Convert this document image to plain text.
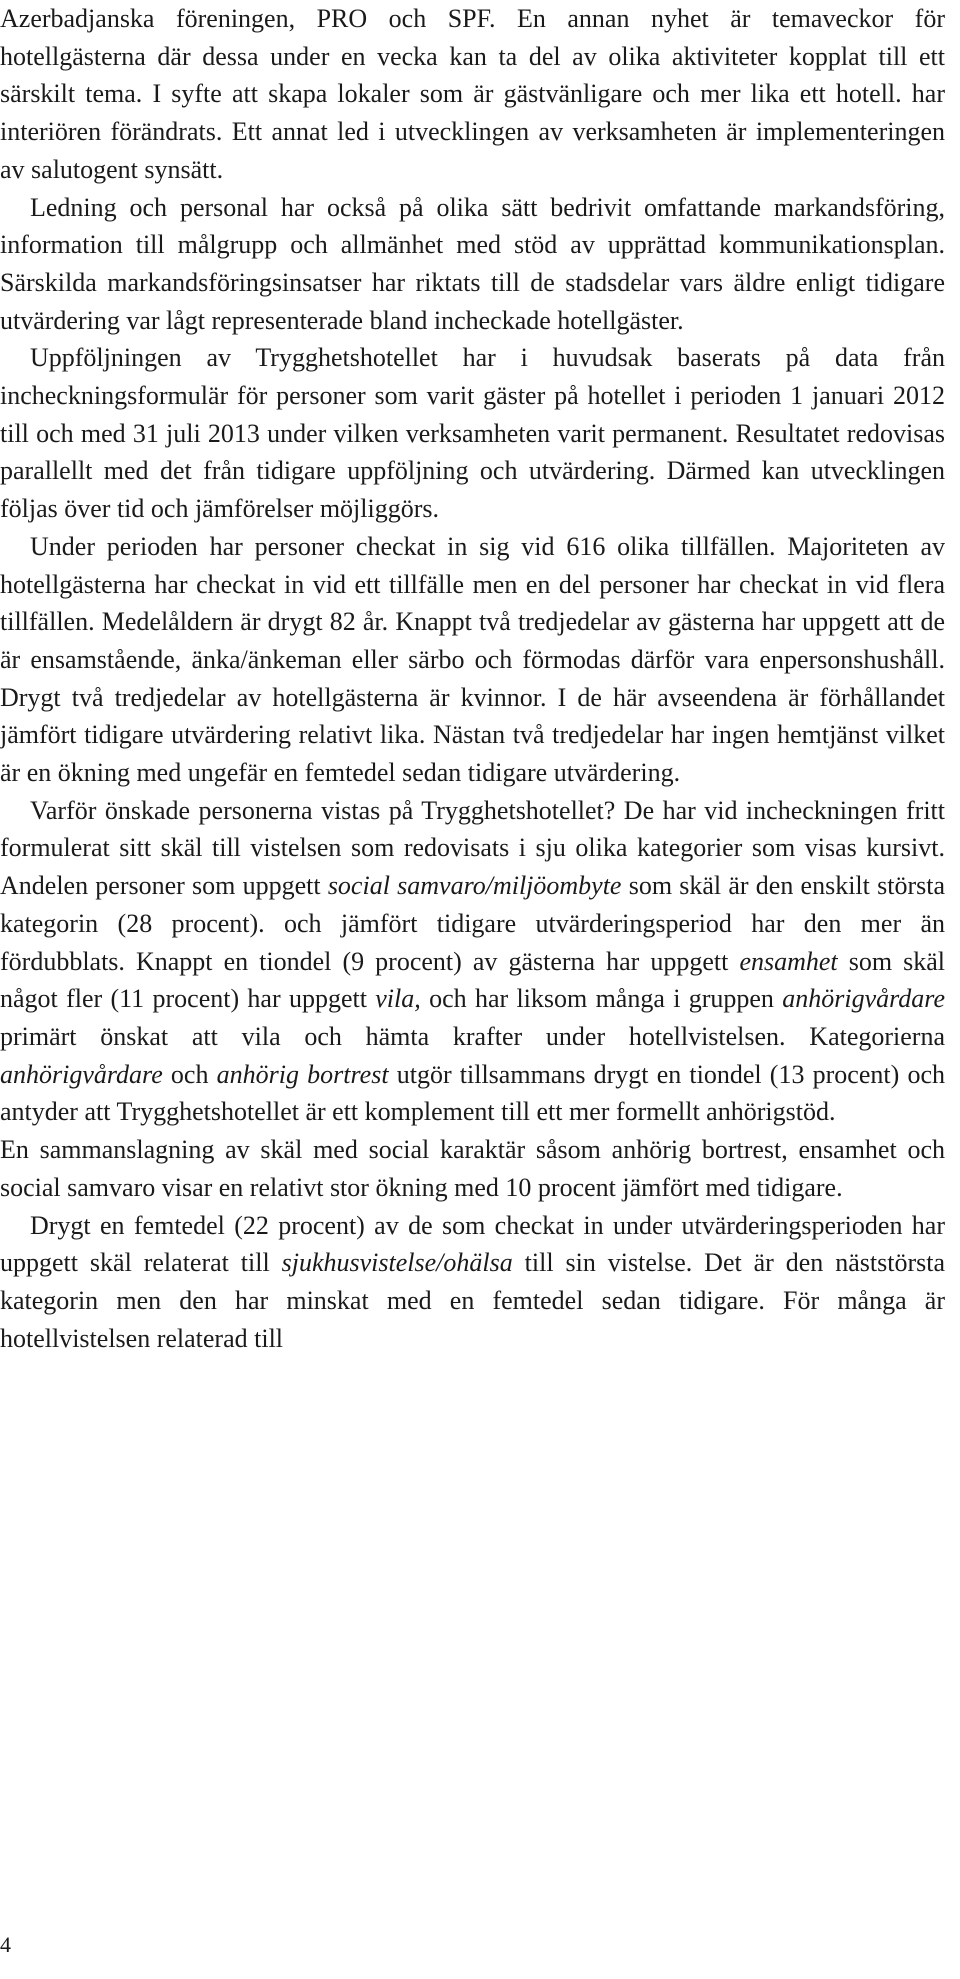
Azerbadjanska föreningen, PRO och SPF. En annan nyhet är temaveckor för hotellgästerna där dessa under en vecka kan ta del av olika aktiviteter kopplat till ett särskilt tema. I syfte att skapa lokaler som är gästvänligare och mer lika ett hotell. har interiören förändrats. Ett annat led i utvecklingen av verksamheten är implementeringen av salutogent synsätt.

Ledning och personal har också på olika sätt bedrivit omfattande markandsföring, information till målgrupp och allmänhet med stöd av upprättad kommunikationsplan. Särskilda markandsföringsinsatser har riktats till de stadsdelar vars äldre enligt tidigare utvärdering var lågt representerade bland incheckade hotellgäster.

Uppföljningen av Trygghetshotellet har i huvudsak baserats på data från incheckningsformulär för personer som varit gäster på hotellet i perioden 1 januari 2012 till och med 31 juli 2013 under vilken verksamheten varit permanent. Resultatet redovisas parallellt med det från tidigare uppföljning och utvärdering. Därmed kan utvecklingen följas över tid och jämförelser möjliggörs.

Under perioden har personer checkat in sig vid 616 olika tillfällen. Majoriteten av hotellgästerna har checkat in vid ett tillfälle men en del personer har checkat in vid flera tillfällen. Medelåldern är drygt 82 år. Knappt två tredjedelar av gästerna har uppgett att de är ensamstående, änka/änkeman eller särbo och förmodas därför vara enpersonshushåll. Drygt två tredjedelar av hotellgästerna är kvinnor. I de här avseendena är förhållandet jämfört tidigare utvärdering relativt lika. Nästan två tredjedelar har ingen hemtjänst vilket är en ökning med ungefär en femtedel sedan tidigare utvärdering.

Varför önskade personerna vistas på Trygghetshotellet? De har vid incheckningen fritt formulerat sitt skäl till vistelsen som redovisats i sju olika kategorier som visas kursivt. Andelen personer som uppgett social samvaro/miljöombyte som skäl är den enskilt största kategorin (28 procent). och jämfört tidigare utvärderingsperiod har den mer än fördubblats. Knappt en tiondel (9 procent) av gästerna har uppgett ensamhet som skäl något fler (11 procent) har uppgett vila, och har liksom många i gruppen anhörigvårdare primärt önskat att vila och hämta krafter under hotellvistelsen. Kategorierna anhörigvårdare och anhörig bortrest utgör tillsammans drygt en tiondel (13 procent) och antyder att Trygghetshotellet är ett komplement till ett mer formellt anhörigstöd.

En sammanslagning av skäl med social karaktär såsom anhörig bortrest, ensamhet och social samvaro visar en relativt stor ökning med 10 procent jämfört med tidigare.

Drygt en femtedel (22 procent) av de som checkat in under utvärderingsperioden har uppgett skäl relaterat till sjukhusvistelse/ohälsa till sin vistelse. Det är den näststörsta kategorin men den har minskat med en femtedel sedan tidigare. För många är hotellvistelsen relaterad till

4
